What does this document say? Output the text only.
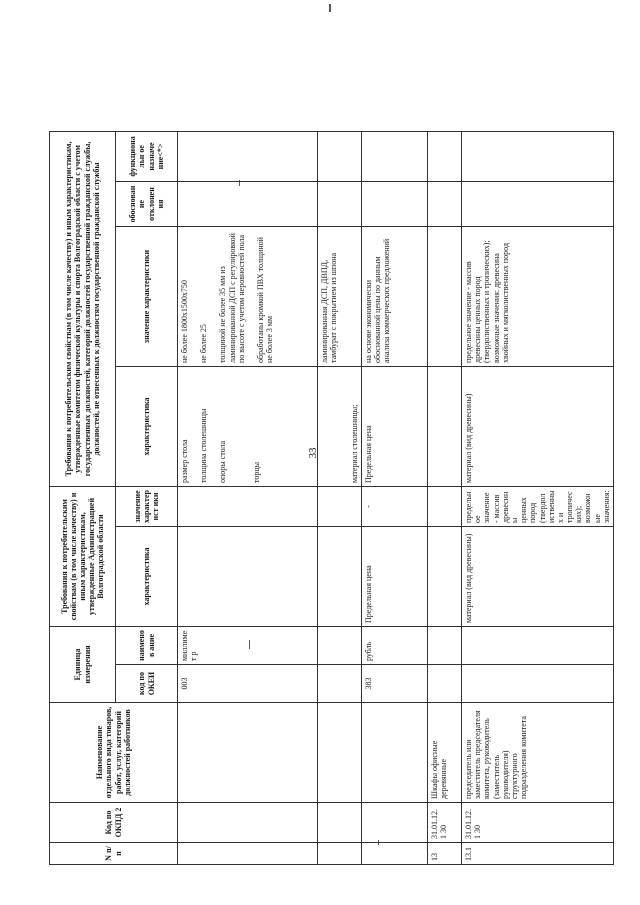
33
N п/п	Код по ОКПД 2	Наименование отдельного вида товаров, работ, услуг, категорий должностей работников	Единица измерения		Требования к потребительским свойствам (в том числе качеству) и иным характеристикам, утвержденные Администрацией Волгоградской области		Требования к потребительским свойствам (в том числе качеству) и иным характеристикам, утвержденные комитетом физической культуры и спорта Волгоградской области с учетом государственных должностей, категорий должностей государственной гражданской службы, должностей, не отнесенных к должностям государственной гражданской службы				
			код по ОКЕИ	наименов ание	характеристика	значение характерист ики	характеристика	значение характеристики	обоснование отклонения	функциональн ое назначе ние<*>	
			003	миллимет р			размер стола толщина столешницы опоры стола торцы	не более 1800х1500х750 не более 25 толщиной не более 35 мм из ламинированной ДСП с регулировкой по высоте с учетом неровностей пола обработаны кромкой ПВХ толщиной не более 3 мм			

							материал столешницы;	ламинированная ДСП, ДВПД, тамбурат с покрытием из шпона			
			383	рубль	Предельная цена	-	Предельная цена	на основе экономически обоснованной цены по данным анализа коммерческих предложений			
13	31.01.12.1 30	Шкафы офисные деревянные									
13.1	31.01.12.1 30	председатель или заместитель председателя комитета, руководитель (заместитель руководителя) структурного подразделения комитета			материал (вид древесины)	предельное значение - массив древесины ценных пород (твердолиственных и тропических); возможные значения:	материал (вид древесины)	предельное значение - массив древесины ценных пород (твердолиственных и тропических); возможные значения: древесина хвойных и мягколиственных пород			
